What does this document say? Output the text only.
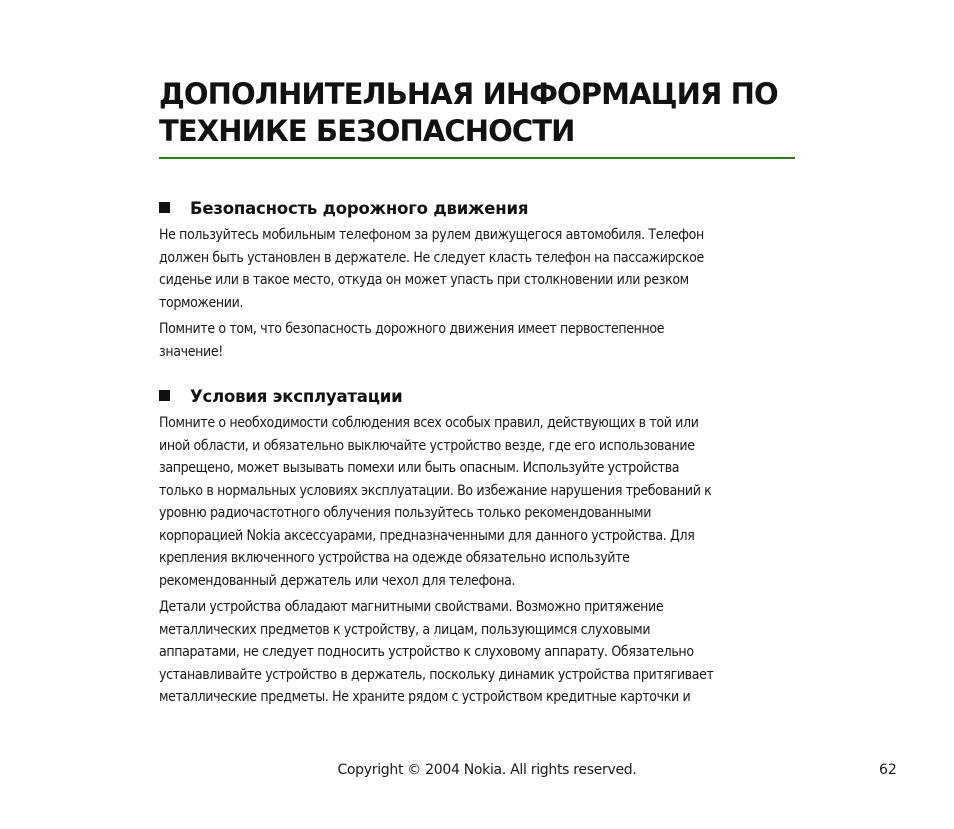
ДОПОЛНИТЕЛЬНАЯ ИНФОРМАЦИЯ ПО
ТЕХНИКЕ БЕЗОПАСНОСТИ
Безопасность дорожного движения

Не пользуйтесь мобильным телефоном за рулем движущегося автомобиля. Телефон
должен быть установлен в держателе. Не следует класть телефон на пассажирское
сиденье или в такое место, откуда он может упасть при столкновении или резком
торможении.

Помните о том, что безопасность дорожного движения имеет первостепенное
значение!

Условия эксплуатации

Помните о необходимости соблюдения всех особых правил, действующих в той или
иной области, и обязательно выключайте устройство везде, где его использование
запрещено, может вызывать помехи или быть опасным. Используйте устройства
только в нормальных условиях эксплуатации. Во избежание нарушения требований к
уровню радиочастотного облучения пользуйтесь только рекомендованными
корпорацией Nokia аксессуарами, предназначенными для данного устройства. Для
крепления включенного устройства на одежде обязательно используйте
рекомендованный держатель или чехол для телефона.

Детали устройства обладают магнитными свойствами. Возможно притяжение
металлических предметов к устройству, а лицам, пользующимся слуховыми
аппаратами, не следует подносить устройство к слуховому аппарату. Обязательно
устанавливайте устройство в держатель, поскольку динамик устройства притягивает
металлические предметы. Не храните рядом с устройством кредитные карточки и

Copyright © 2004 Nokia. All rights reserved.	62
